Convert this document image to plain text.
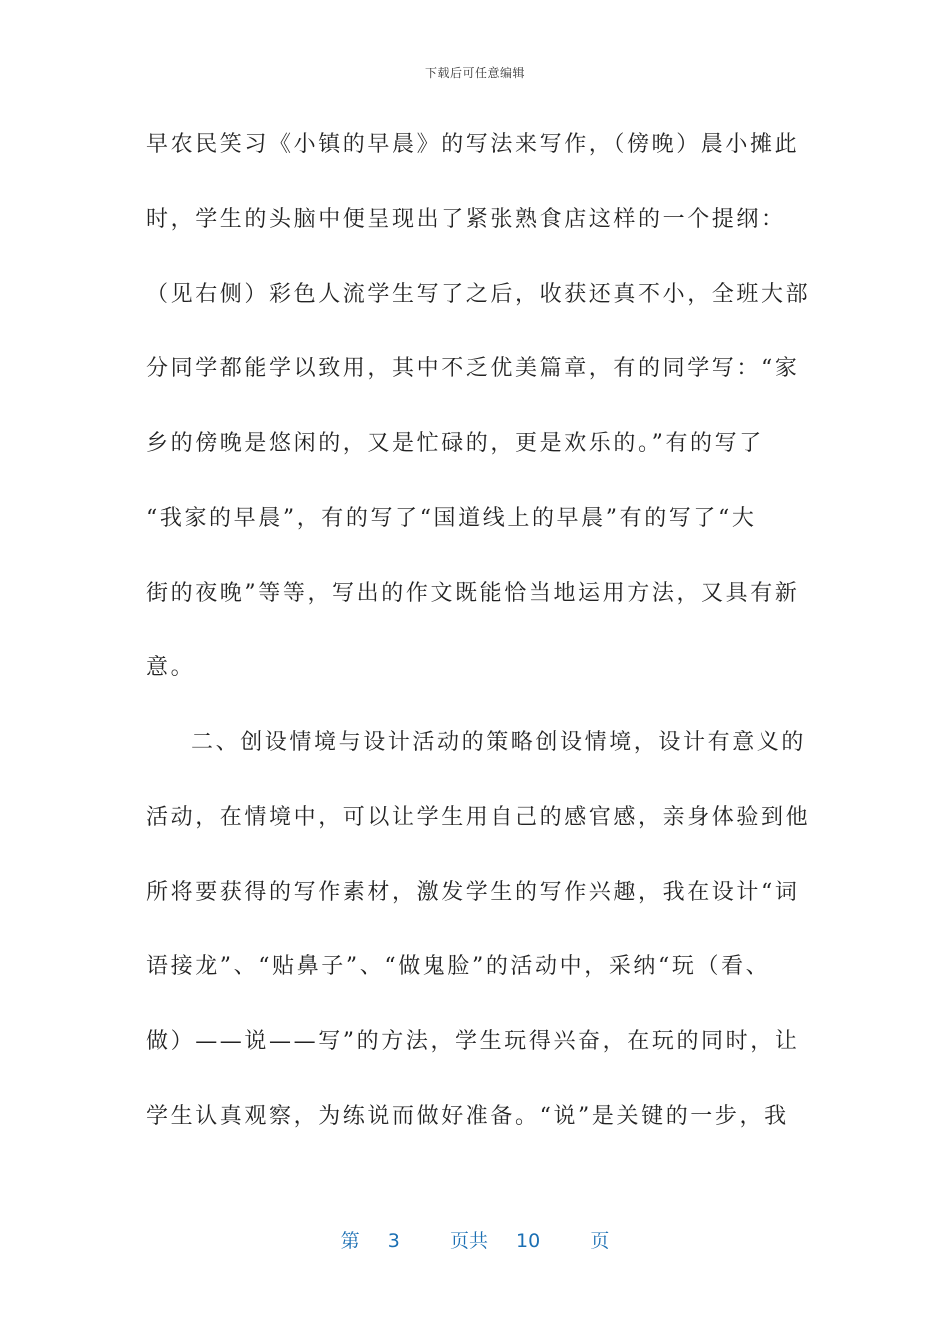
下载后可任意编辑
早农民笑习《小镇的早晨》的写法来写作，（傍晚）晨小摊此
时，学生的头脑中便呈现出了紧张熟食店这样的一个提纲：
（见右侧）彩色人流学生写了之后，收获还真不小，全班大部
分同学都能学以致用，其中不乏优美篇章，有的同学写：“家
乡的傍晚是悠闲的，又是忙碌的，更是欢乐的。”有的写了
“我家的早晨”，有的写了“国道线上的早晨”有的写了“大
街的夜晚”等等，写出的作文既能恰当地运用方法，又具有新
意。
二、创设情境与设计活动的策略创设情境，设计有意义的
活动，在情境中，可以让学生用自己的感官感，亲身体验到他
所将要获得的写作素材，激发学生的写作兴趣，我在设计“词
语接龙”、“贴鼻子”、“做鬼脸”的活动中，采纳“玩（看、
做）——说——写”的方法，学生玩得兴奋，在玩的同时，让
学生认真观察，为练说而做好准备。“说”是关键的一步，我
第 3	页共 10	页
